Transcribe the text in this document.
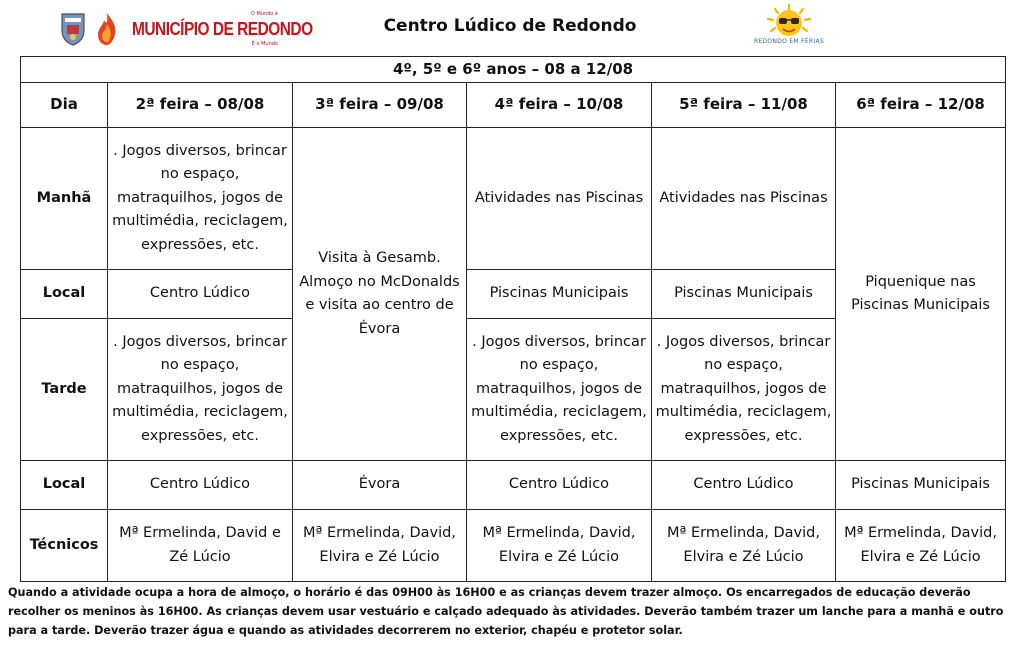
O Mundo é
MUNICÍPIO DE REDONDO
É o Mundo
Centro Lúdico de Redondo
REDONDO EM FÉRIAS
4º, 5º e 6º anos – 08 a 12/08					
Dia	2ª feira – 08/08	3ª feira – 09/08	4ª feira – 10/08	5ª feira – 11/08	6ª feira – 12/08
Manhã	. Jogos diversos, brincar no espaço, matraquilhos, jogos de multimédia, reciclagem, expressões, etc.	Visita à Gesamb. Almoço no McDonalds e visita ao centro de Évora	Atividades nas Piscinas	Atividades nas Piscinas	Piquenique nas Piscinas Municipais
Local	Centro Lúdico		Piscinas Municipais	Piscinas Municipais	
Tarde	. Jogos diversos, brincar no espaço, matraquilhos, jogos de multimédia, reciclagem, expressões, etc.		. Jogos diversos, brincar no espaço, matraquilhos, jogos de multimédia, reciclagem, expressões, etc.	. Jogos diversos, brincar no espaço, matraquilhos, jogos de multimédia, reciclagem, expressões, etc.	
Local	Centro Lúdico	Évora	Centro Lúdico	Centro Lúdico	Piscinas Municipais
Técnicos	Mª Ermelinda, David e Zé Lúcio	Mª Ermelinda, David, Elvira e Zé Lúcio	Mª Ermelinda, David, Elvira e Zé Lúcio	Mª Ermelinda, David, Elvira e Zé Lúcio	Mª Ermelinda, David, Elvira e Zé Lúcio
Quando a atividade ocupa a hora de almoço, o horário é das 09H00 às 16H00 e as crianças devem trazer almoço. Os encarregados de educação deverão recolher os meninos às 16H00. As crianças devem usar vestuário e calçado adequado às atividades. Deverão também trazer um lanche para a manhã e outro para a tarde. Deverão trazer água e quando as atividades decorrerem no exterior, chapéu e protetor solar.
